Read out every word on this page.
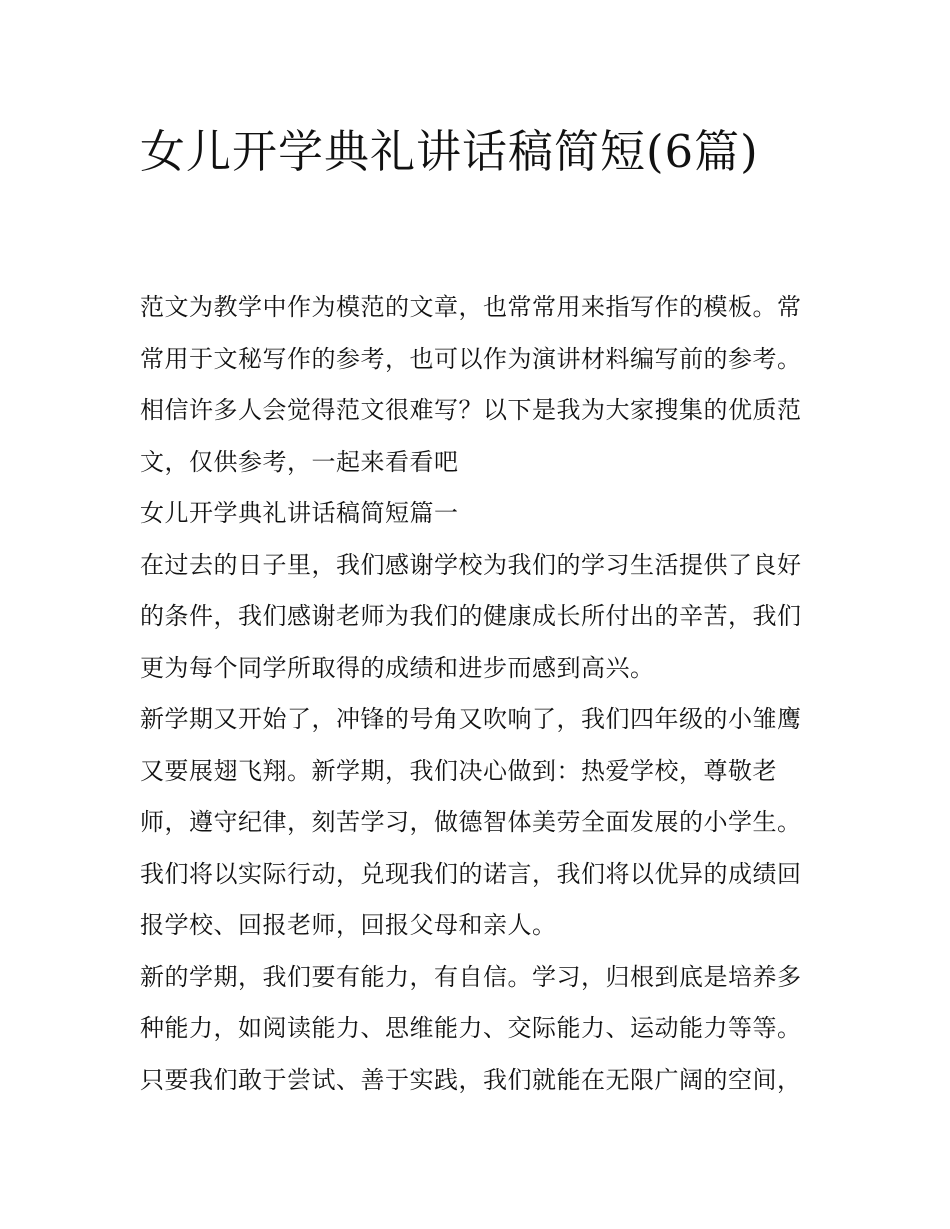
女儿开学典礼讲话稿简短(6篇)

范文为教学中作为模范的文章，也常常用来指写作的模板。常常用于文秘写作的参考，也可以作为演讲材料编写前的参考。相信许多人会觉得范文很难写？以下是我为大家搜集的优质范文，仅供参考，一起来看看吧

女儿开学典礼讲话稿简短篇一

在过去的日子里，我们感谢学校为我们的学习生活提供了良好的条件，我们感谢老师为我们的健康成长所付出的辛苦，我们更为每个同学所取得的成绩和进步而感到高兴。

新学期又开始了，冲锋的号角又吹响了，我们四年级的小雏鹰又要展翅飞翔。新学期，我们决心做到：热爱学校，尊敬老师，遵守纪律，刻苦学习，做德智体美劳全面发展的小学生。我们将以实际行动，兑现我们的诺言，我们将以优异的成绩回报学校、回报老师，回报父母和亲人。

新的学期，我们要有能力，有自信。学习，归根到底是培养多种能力，如阅读能力、思维能力、交际能力、运动能力等等。只要我们敢于尝试、善于实践，我们就能在无限广阔的空间，
